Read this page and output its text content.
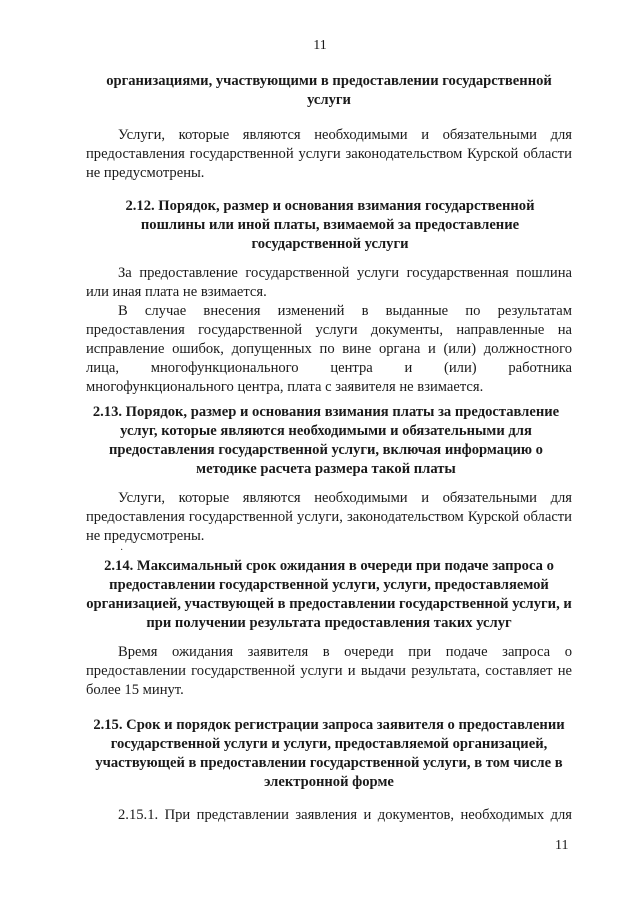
11

организациями, участвующими в предоставлении государственной услуги

Услуги, которые являются необходимыми и обязательными для предоставления государственной услуги законодательством Курской области не предусмотрены.

2.12. Порядок, размер и основания взимания государственной пошлины или иной платы, взимаемой за предоставление государственной услуги

За предоставление государственной услуги государственная пошлина или иная плата не взимается.

В случае внесения изменений в выданные по результатам предоставления государственной услуги документы, направленные на исправление ошибок, допущенных по вине органа и (или) должностного лица, многофункционального центра и (или) работника многофункционального центра, плата с заявителя не взимается.

2.13. Порядок, размер и основания взимания платы за предоставление услуг, которые являются необходимыми и обязательными для предоставления государственной услуги, включая информацию о методике расчета размера такой платы

Услуги, которые являются необходимыми и обязательными для предоставления государственной услуги, законодательством Курской области не предусмотрены.

·

2.14. Максимальный срок ожидания в очереди при подаче запроса о предоставлении государственной услуги, услуги, предоставляемой организацией, участвующей в предоставлении государственной услуги, и при получении результата предоставления таких услуг

Время ожидания заявителя в очереди при подаче запроса о предоставлении государственной услуги и выдачи результата, составляет не более 15 минут.

2.15. Срок и порядок регистрации запроса заявителя о предоставлении государственной услуги и услуги, предоставляемой организацией, участвующей в предоставлении государственной услуги, в том числе в электронной форме

2.15.1. При представлении заявления и документов, необходимых для

11
